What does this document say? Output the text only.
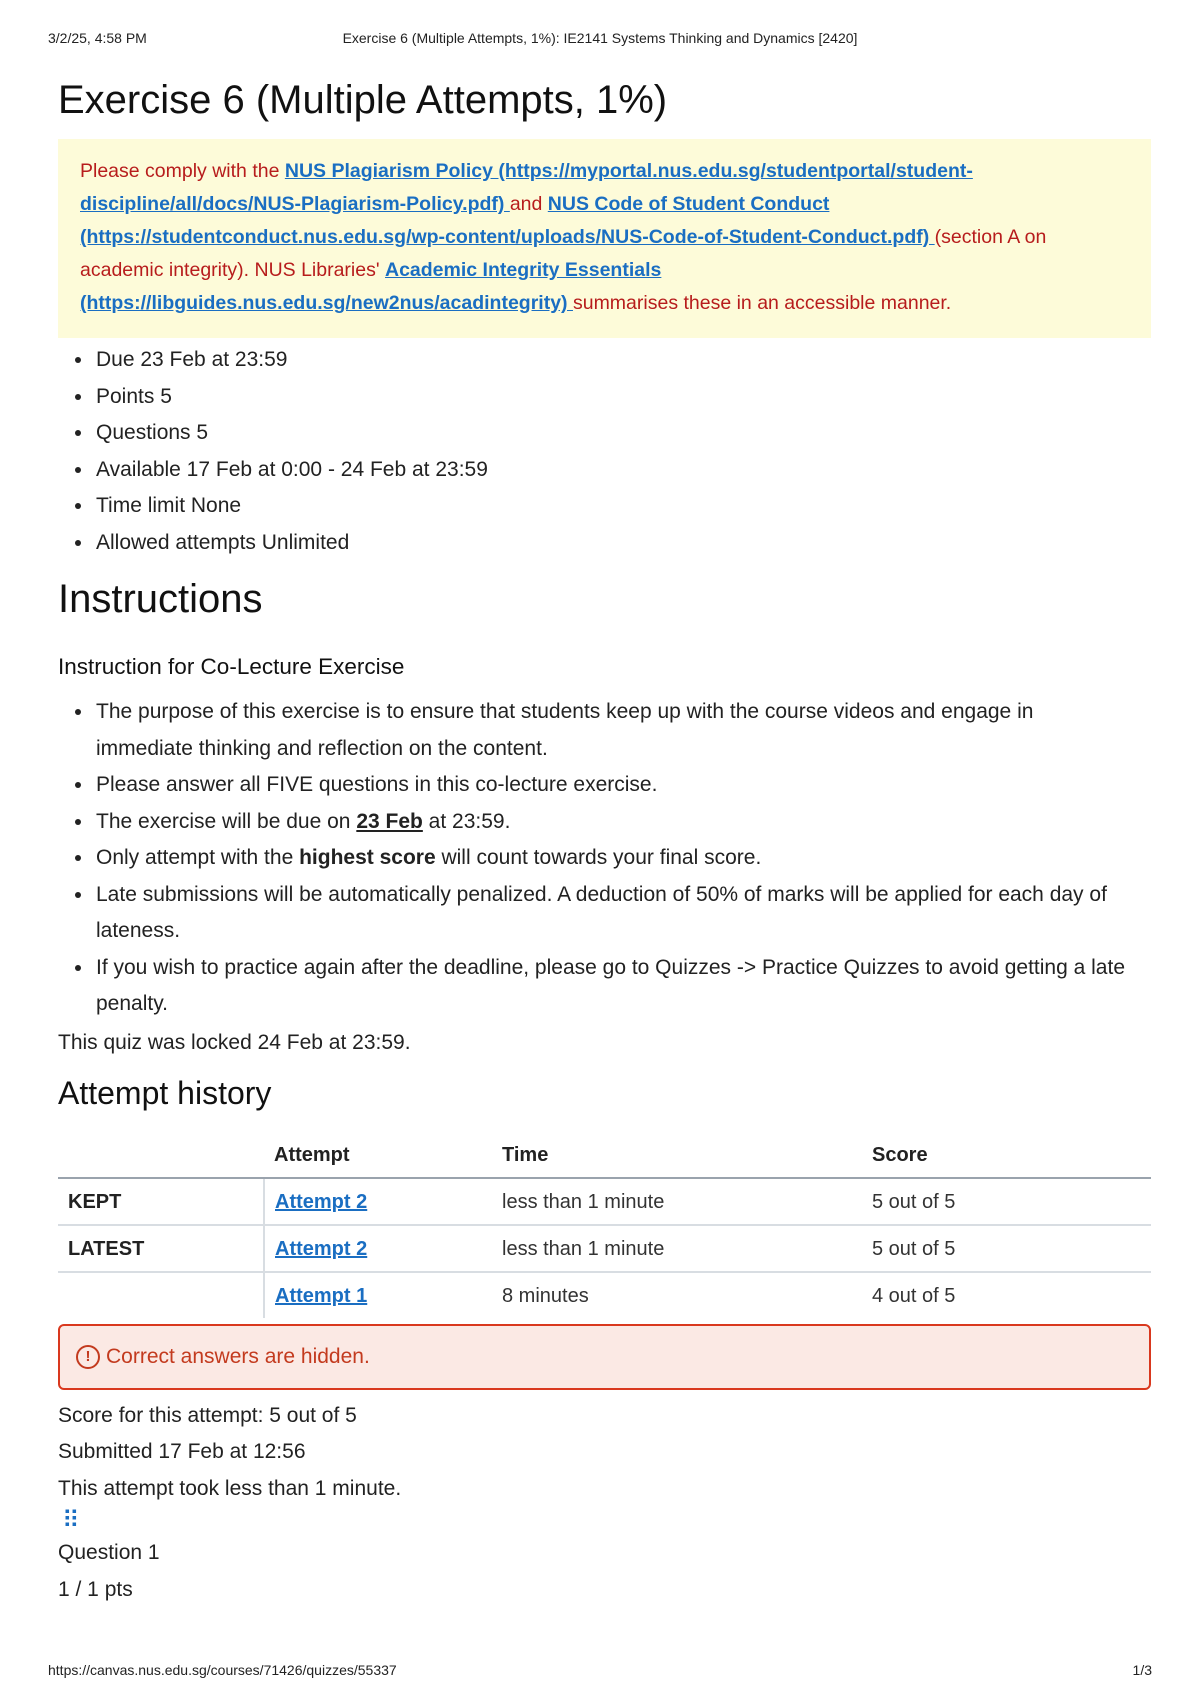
3/2/25, 4:58 PM	Exercise 6 (Multiple Attempts, 1%): IE2141 Systems Thinking and Dynamics [2420]
Exercise 6 (Multiple Attempts, 1%)
Please comply with the NUS Plagiarism Policy (https://myportal.nus.edu.sg/studentportal/student-discipline/all/docs/NUS-Plagiarism-Policy.pdf) and NUS Code of Student Conduct (https://studentconduct.nus.edu.sg/wp-content/uploads/NUS-Code-of-Student-Conduct.pdf) (section A on academic integrity). NUS Libraries' Academic Integrity Essentials (https://libguides.nus.edu.sg/new2nus/acadintegrity) summarises these in an accessible manner.
• Due 23 Feb at 23:59
• Points 5
• Questions 5
• Available 17 Feb at 0:00 - 24 Feb at 23:59
• Time limit None
• Allowed attempts Unlimited
Instructions
Instruction for Co-Lecture Exercise
• The purpose of this exercise is to ensure that students keep up with the course videos and engage in immediate thinking and reflection on the content.
• Please answer all FIVE questions in this co-lecture exercise.
• The exercise will be due on 23 Feb at 23:59.
• Only attempt with the highest score will count towards your final score.
• Late submissions will be automatically penalized. A deduction of 50% of marks will be applied for each day of lateness.
• If you wish to practice again after the deadline, please go to Quizzes -> Practice Quizzes to avoid getting a late penalty.

This quiz was locked 24 Feb at 23:59.

Attempt history
	Attempt	Time	Score
KEPT	Attempt 2	less than 1 minute	5 out of 5
LATEST	Attempt 2	less than 1 minute	5 out of 5
	Attempt 1	8 minutes	4 out of 5
! Correct answers are hidden.
Score for this attempt: 5 out of 5
Submitted 17 Feb at 12:56
This attempt took less than 1 minute.
⠿
Question 1
1 / 1 pts
https://canvas.nus.edu.sg/courses/71426/quizzes/55337	1/3
